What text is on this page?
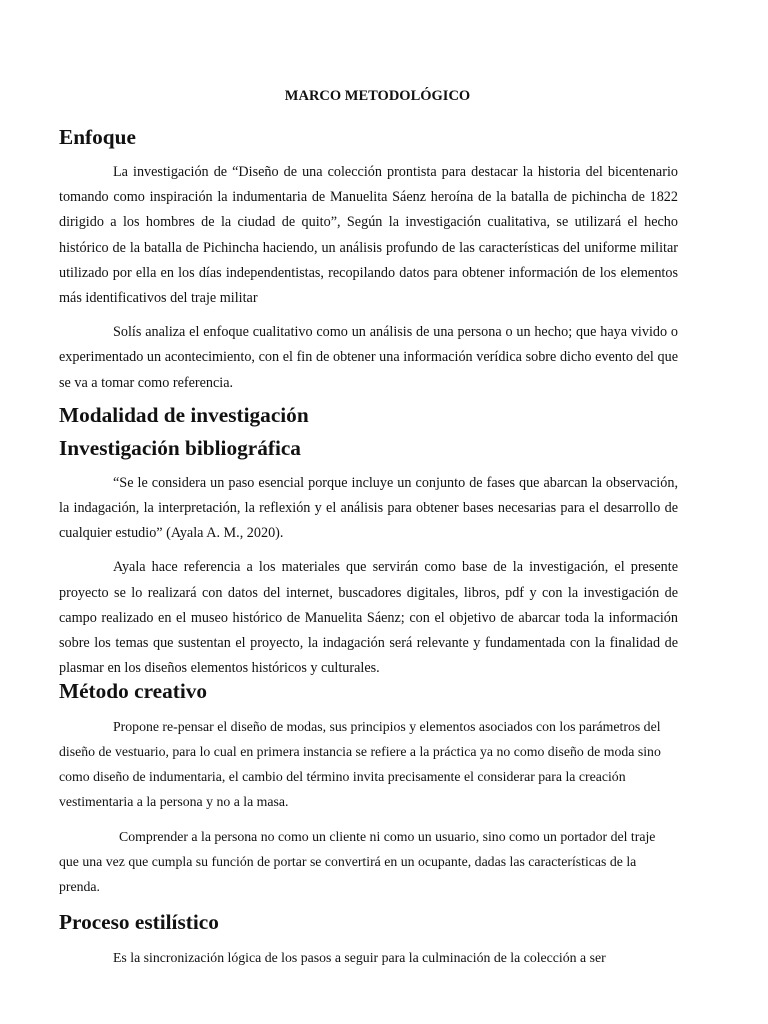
MARCO METODOLÓGICO
Enfoque

La investigación de “Diseño de una colección prontista para destacar la historia del bicentenario tomando como inspiración la indumentaria de Manuelita Sáenz heroína de la batalla de pichincha de 1822 dirigido a los hombres de la ciudad de quito”, Según la investigación cualitativa, se utilizará el hecho histórico de la batalla de Pichincha haciendo, un análisis profundo de las características del uniforme militar utilizado por ella en los días independentistas, recopilando datos para obtener información de los elementos más identificativos del traje militar

Solís analiza el enfoque cualitativo como un análisis de una persona o un hecho; que haya vivido o experimentado un acontecimiento, con el fin de obtener una información verídica sobre dicho evento del que se va a tomar como referencia.

Modalidad de investigación
Investigación bibliográfica

“Se le considera un paso esencial porque incluye un conjunto de fases que abarcan la observación, la indagación, la interpretación, la reflexión y el análisis para obtener bases necesarias para el desarrollo de cualquier estudio” (Ayala A. M., 2020).

Ayala hace referencia a los materiales que servirán como base de la investigación, el presente proyecto se lo realizará con datos del internet, buscadores digitales, libros, pdf y con la investigación de campo realizado en el museo histórico de Manuelita Sáenz; con el objetivo de abarcar toda la información sobre los temas que sustentan el proyecto, la indagación será relevante y fundamentada con la finalidad de plasmar en los diseños elementos históricos y culturales.

Método creativo

Propone re-pensar el diseño de modas, sus principios y elementos asociados con los parámetros del diseño de vestuario, para lo cual en primera instancia se refiere a la práctica ya no como diseño de moda sino como diseño de indumentaria, el cambio del término invita precisamente el considerar para la creación vestimentaria a la persona y no a la masa.

Comprender a la persona no como un cliente ni como un usuario, sino como un portador del traje que una vez que cumpla su función de portar se convertirá en un ocupante, dadas las características de la prenda.

Proceso estilístico

Es la sincronización lógica de los pasos a seguir para la culminación de la colección a ser
